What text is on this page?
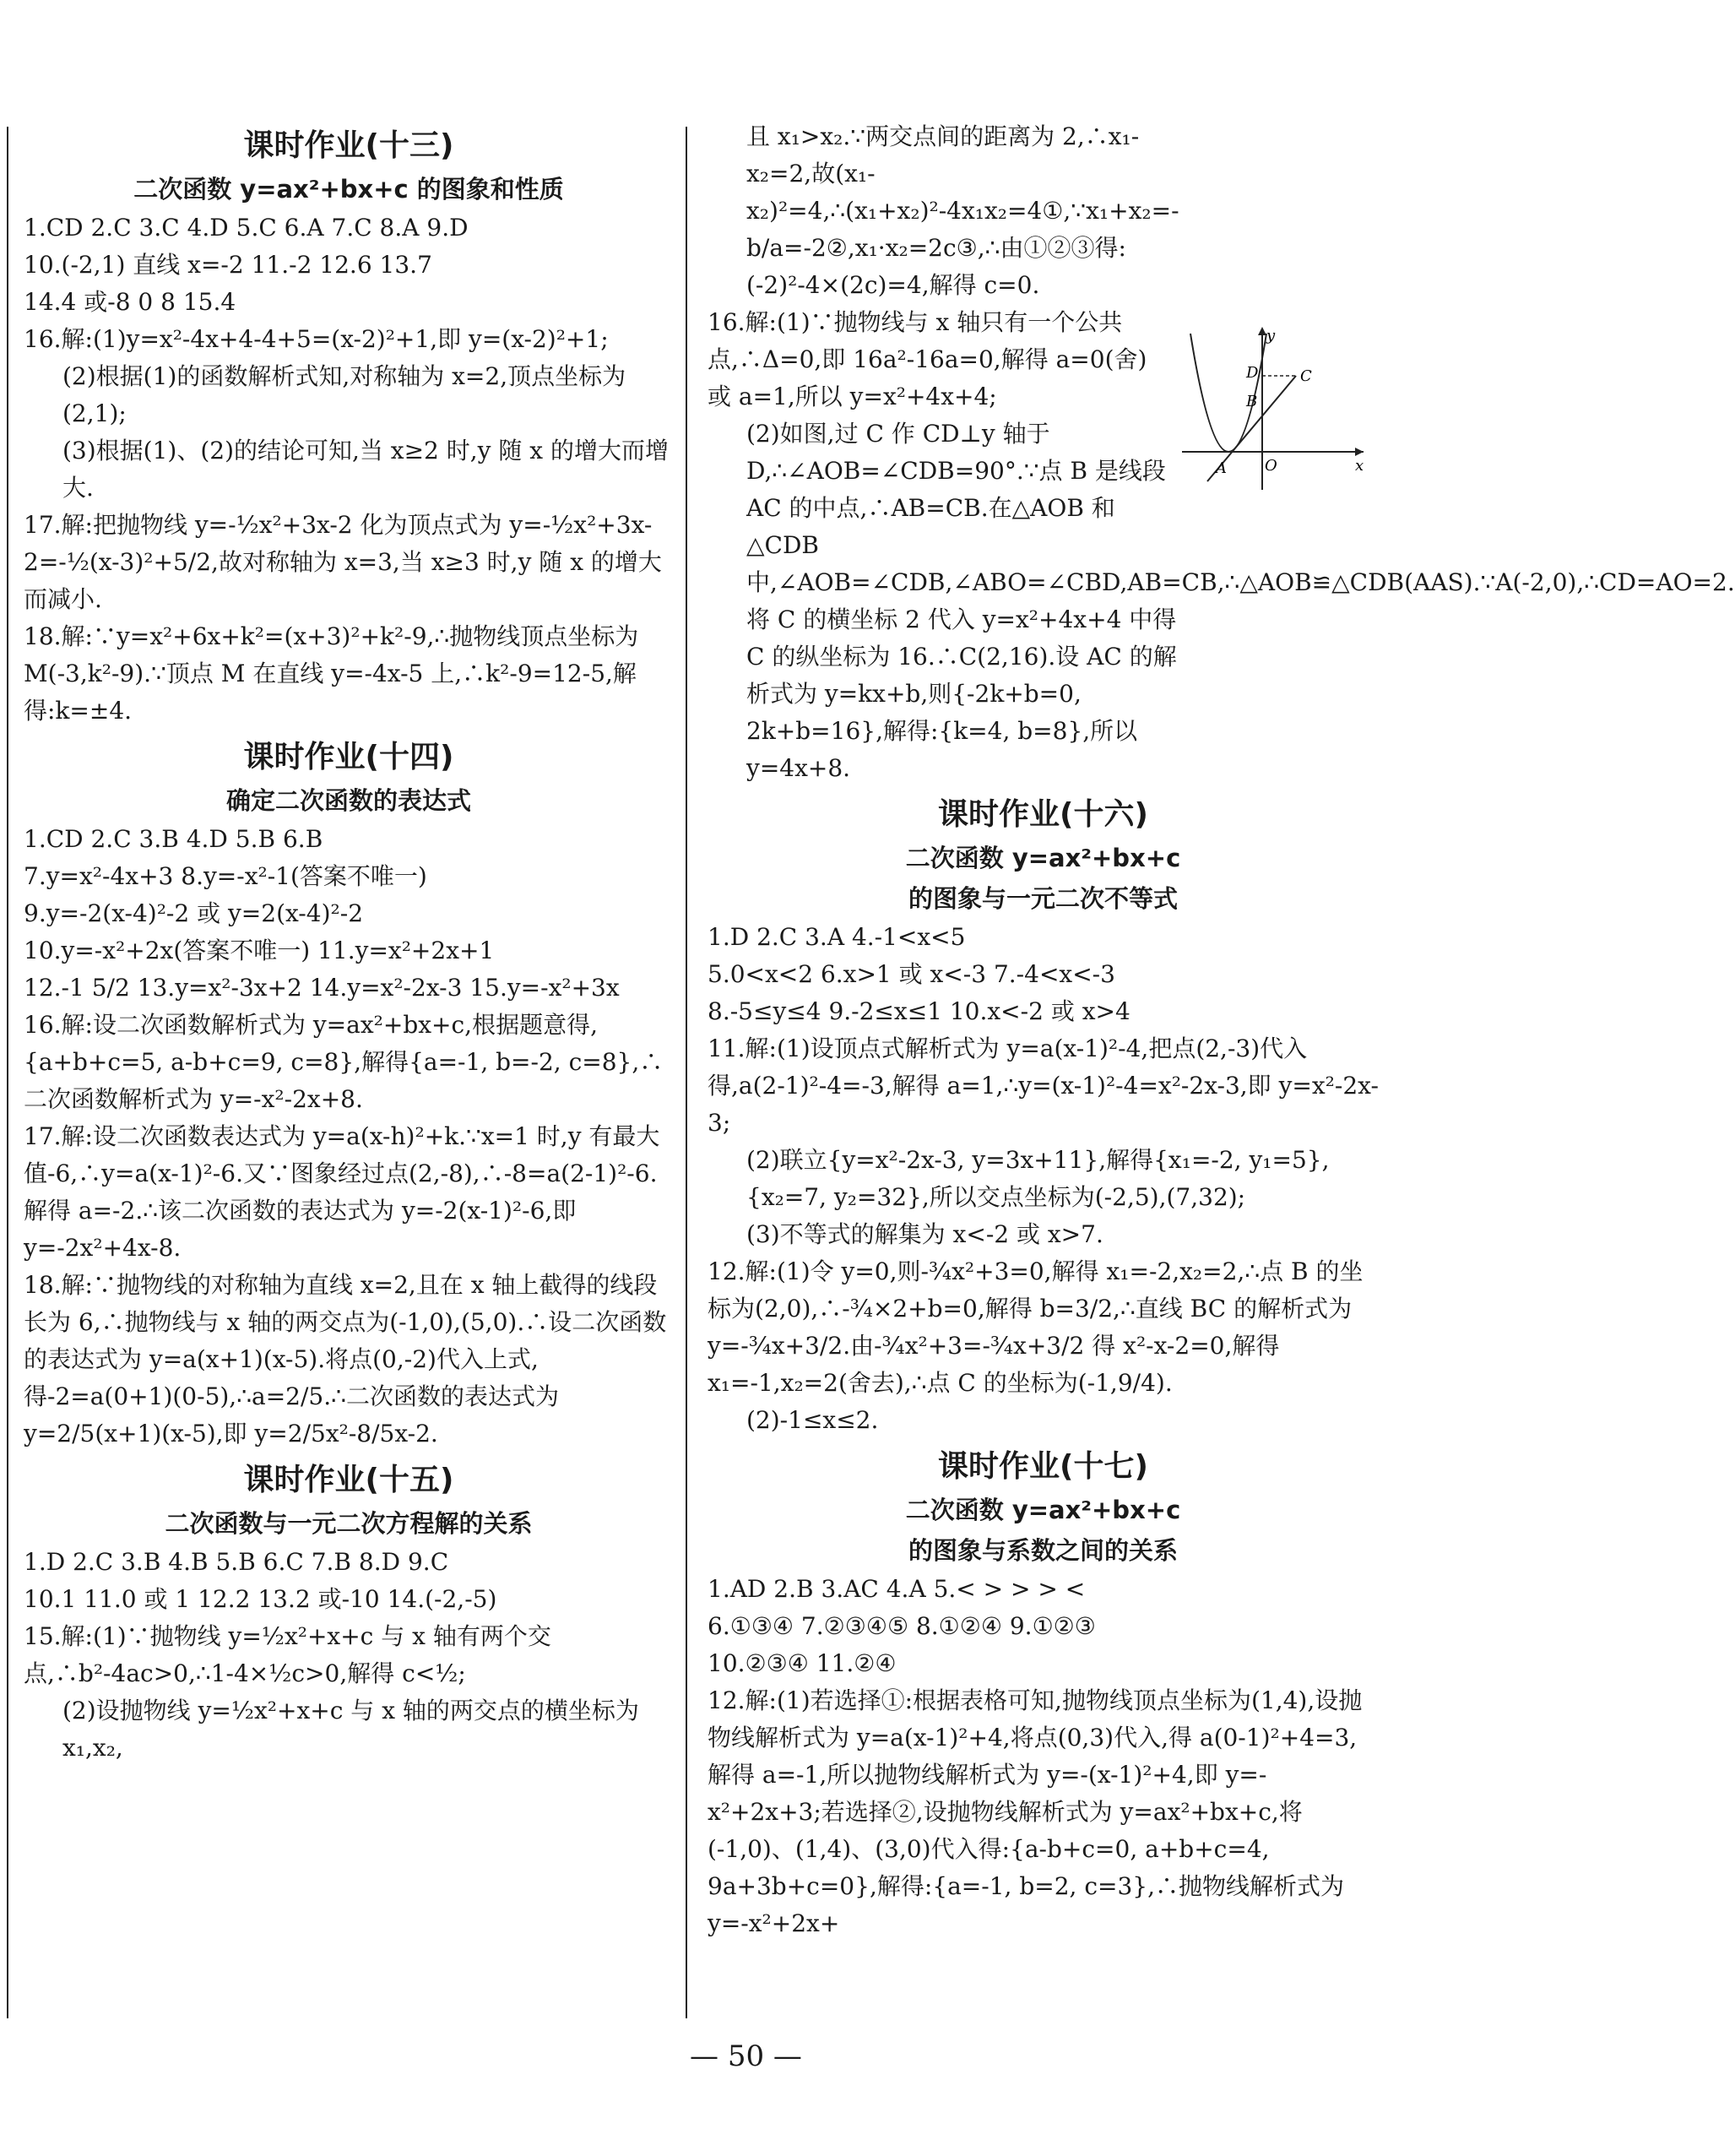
课时作业(十三)
二次函数 y=ax²+bx+c 的图象和性质
1.CD 2.C 3.C 4.D 5.C 6.A 7.C 8.A 9.D
10.(-2,1) 直线 x=-2 11.-2 12.6 13.7
14.4 或-8 0 8 15.4
16.解:(1)y=x²-4x+4-4+5=(x-2)²+1,即 y=(x-2)²+1;
(2)根据(1)的函数解析式知,对称轴为 x=2,顶点坐标为(2,1);
(3)根据(1)、(2)的结论可知,当 x≥2 时,y 随 x 的增大而增大.
17.解:把抛物线 y=-½x²+3x-2 化为顶点式为 y=-½x²+3x-2=-½(x-3)²+5/2,故对称轴为 x=3,当 x≥3 时,y 随 x 的增大而减小.
18.解:∵y=x²+6x+k²=(x+3)²+k²-9,∴抛物线顶点坐标为 M(-3,k²-9).∵顶点 M 在直线 y=-4x-5 上,∴k²-9=12-5,解得:k=±4.
课时作业(十四)
确定二次函数的表达式
1.CD 2.C 3.B 4.D 5.B 6.B
7.y=x²-4x+3 8.y=-x²-1(答案不唯一)
9.y=-2(x-4)²-2 或 y=2(x-4)²-2
10.y=-x²+2x(答案不唯一) 11.y=x²+2x+1
12.-1 5/2 13.y=x²-3x+2 14.y=x²-2x-3 15.y=-x²+3x
16.解:设二次函数解析式为 y=ax²+bx+c,根据题意得,{a+b+c=5, a-b+c=9, c=8},解得{a=-1, b=-2, c=8},∴二次函数解析式为 y=-x²-2x+8.
17.解:设二次函数表达式为 y=a(x-h)²+k.∵x=1 时,y 有最大值-6,∴y=a(x-1)²-6.又∵图象经过点(2,-8),∴-8=a(2-1)²-6.解得 a=-2.∴该二次函数的表达式为 y=-2(x-1)²-6,即 y=-2x²+4x-8.
18.解:∵抛物线的对称轴为直线 x=2,且在 x 轴上截得的线段长为 6,∴抛物线与 x 轴的两交点为(-1,0),(5,0).∴设二次函数的表达式为 y=a(x+1)(x-5).将点(0,-2)代入上式,得-2=a(0+1)(0-5),∴a=2/5.∴二次函数的表达式为 y=2/5(x+1)(x-5),即 y=2/5x²-8/5x-2.
课时作业(十五)
二次函数与一元二次方程解的关系
1.D 2.C 3.B 4.B 5.B 6.C 7.B 8.D 9.C
10.1 11.0 或 1 12.2 13.2 或-10 14.(-2,-5)
15.解:(1)∵抛物线 y=½x²+x+c 与 x 轴有两个交点,∴b²-4ac>0,∴1-4×½c>0,解得 c<½;
(2)设抛物线 y=½x²+x+c 与 x 轴的两交点的横坐标为 x₁,x₂,
且 x₁>x₂.∵两交点间的距离为 2,∴x₁-x₂=2,故(x₁-x₂)²=4,∴(x₁+x₂)²-4x₁x₂=4①,∵x₁+x₂=-b/a=-2②,x₁·x₂=2c③,∴由①②③得:(-2)²-4×(2c)=4,解得 c=0.
16.解:(1)∵抛物线与 x 轴只有一个公共点,∴Δ=0,即 16a²-16a=0,解得 a=0(舍)或 a=1,所以 y=x²+4x+4;
(2)如图,过 C 作 CD⊥y 轴于 D,∴∠AOB=∠CDB=90°.∵点 B 是线段 AC 的中点,∴AB=CB.在△AOB 和△CDB 中,∠AOB=∠CDB,∠ABO=∠CBD,AB=CB,∴△AOB≌△CDB(AAS).∵A(-2,0),∴CD=AO=2.将 C 的横坐标 2 代入 y=x²+4x+4 中得 C 的纵坐标为 16.∴C(2,16).设 AC 的解析式为 y=kx+b,则{-2k+b=0, 2k+b=16},解得:{k=4, b=8},所以 y=4x+8.
课时作业(十六)
二次函数 y=ax²+bx+c
的图象与一元二次不等式
1.D 2.C 3.A 4.-1<x<5
5.0<x<2 6.x>1 或 x<-3 7.-4<x<-3
8.-5≤y≤4 9.-2≤x≤1 10.x<-2 或 x>4
11.解:(1)设顶点式解析式为 y=a(x-1)²-4,把点(2,-3)代入得,a(2-1)²-4=-3,解得 a=1,∴y=(x-1)²-4=x²-2x-3,即 y=x²-2x-3;
(2)联立{y=x²-2x-3, y=3x+11},解得{x₁=-2, y₁=5},{x₂=7, y₂=32},所以交点坐标为(-2,5),(7,32);
(3)不等式的解集为 x<-2 或 x>7.
12.解:(1)令 y=0,则-¾x²+3=0,解得 x₁=-2,x₂=2,∴点 B 的坐标为(2,0),∴-¾×2+b=0,解得 b=3/2,∴直线 BC 的解析式为 y=-¾x+3/2.由-¾x²+3=-¾x+3/2 得 x²-x-2=0,解得 x₁=-1,x₂=2(舍去),∴点 C 的坐标为(-1,9/4).
(2)-1≤x≤2.
课时作业(十七)
二次函数 y=ax²+bx+c
的图象与系数之间的关系
1.AD 2.B 3.AC 4.A 5.< > > > <
6.①③④ 7.②③④⑤ 8.①②④ 9.①②③
10.②③④ 11.②④
12.解:(1)若选择①:根据表格可知,抛物线顶点坐标为(1,4),设抛物线解析式为 y=a(x-1)²+4,将点(0,3)代入,得 a(0-1)²+4=3,解得 a=-1,所以抛物线解析式为 y=-(x-1)²+4,即 y=-x²+2x+3;若选择②,设抛物线解析式为 y=ax²+bx+c,将(-1,0)、(1,4)、(3,0)代入得:{a-b+c=0, a+b+c=4, 9a+3b+c=0},解得:{a=-1, b=2, c=3},∴抛物线解析式为 y=-x²+2x+
y
D
B
C
A	O	x
— 50 —
